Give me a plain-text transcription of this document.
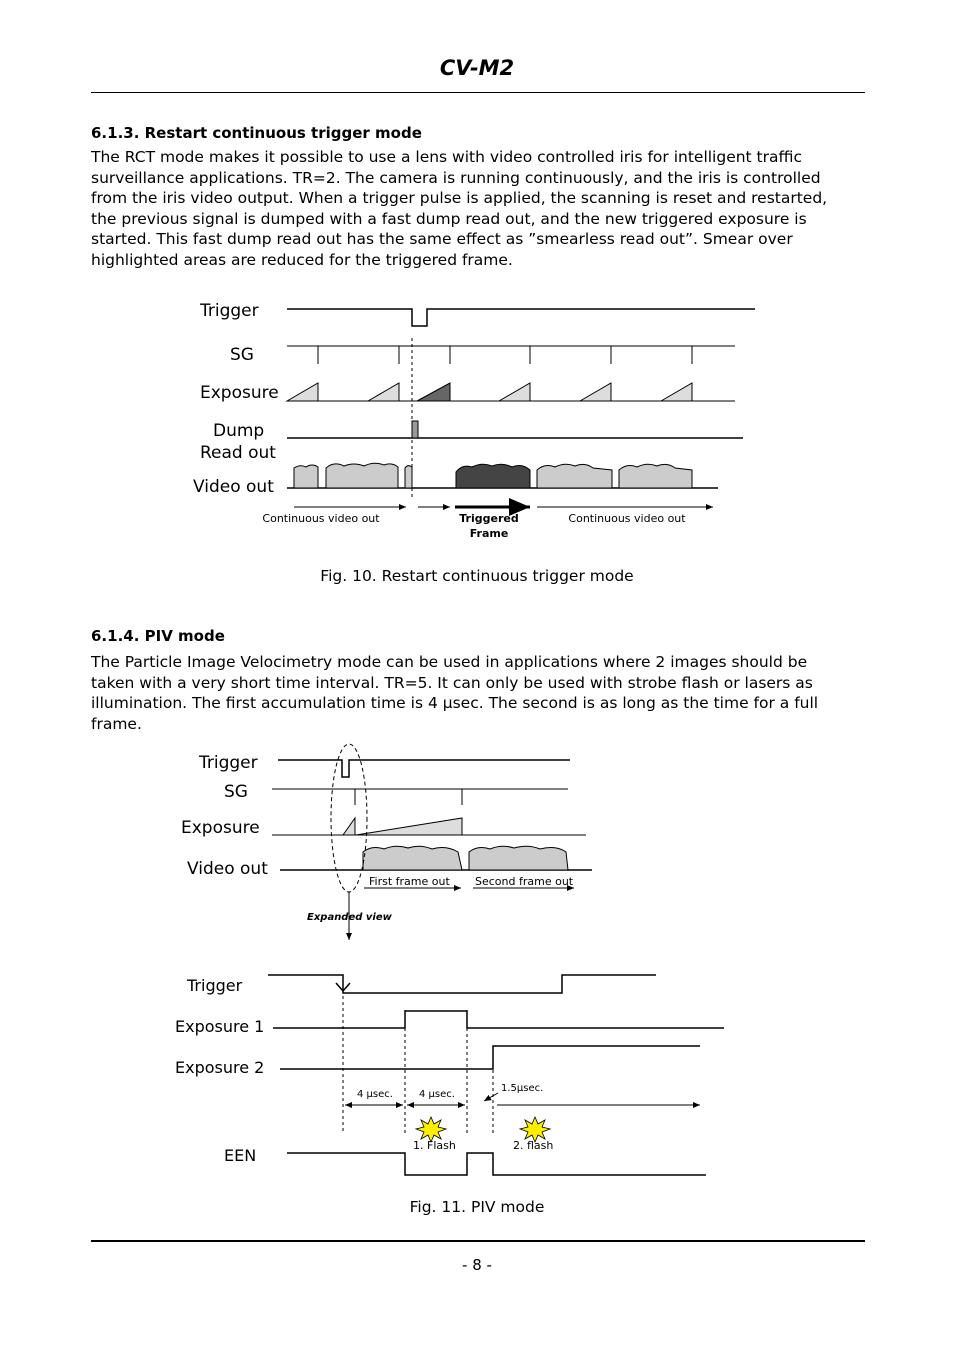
CV-M2
6.1.3. Restart continuous trigger mode
The RCT mode makes it possible to use a lens with video controlled iris for intelligent traffic
surveillance applications. TR=2. The camera is running continuously, and the iris is controlled
from the iris video output. When a trigger pulse is applied, the scanning is reset and restarted,
the previous signal is dumped with a fast dump read out, and the new triggered exposure is
started. This fast dump read out has the same effect as ”smearless read out”. Smear over
highlighted areas are reduced for the triggered frame.
6.1.4. PIV mode
The Particle Image Velocimetry mode can be used in applications where 2 images should be
taken with a very short time interval. TR=5. It can only be used with strobe flash or lasers as
illumination. The first accumulation time is 4 μsec. The second is as long as the time for a full
frame.
Trigger
SG
Exposure
Dump
Read out
Video out
Continuous video out	Triggered
Frame
Continuous video out
Trigger
SG
Exposure
Video out
First frame out Second frame out
Expanded view
Trigger
Exposure 1
Exposure 2
EEN
4 μsec.	4 μsec.
1.5μsec.
1. Flash	2. flash
Fig. 10. Restart continuous trigger mode
Fig. 11. PIV mode
- 8 -
